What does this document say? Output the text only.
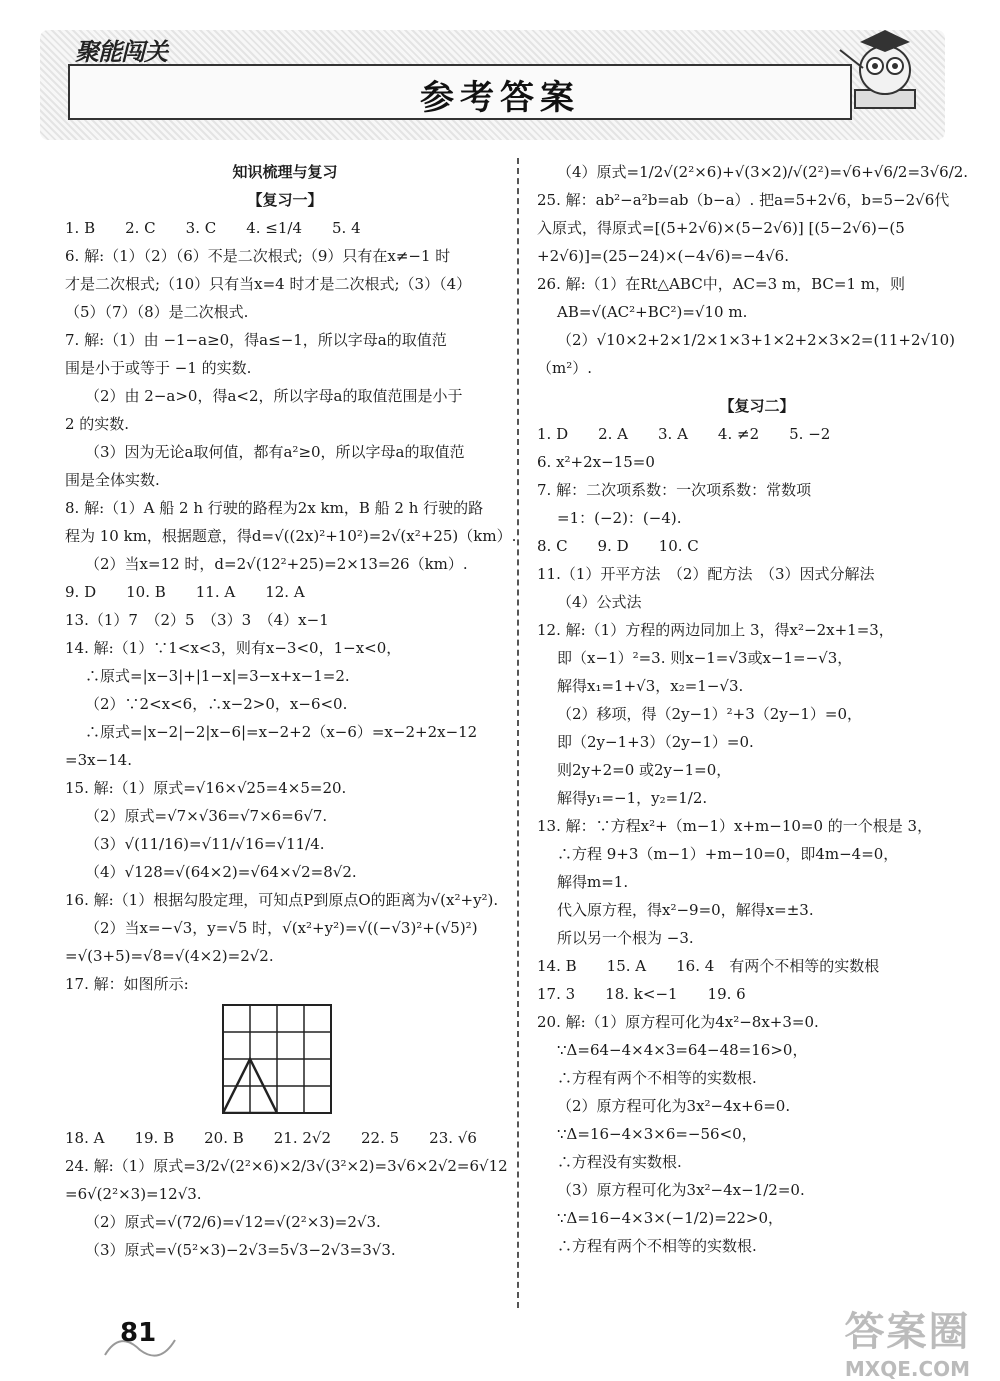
聚能闯关
参考答案
知识梳理与复习
【复习一】
1. B　　2. C　　3. C　　4. ≤1/4　　5. 4
6. 解:（1）（2）（6）不是二次根式;（9）只有在x≠−1 时
才是二次根式;（10）只有当x=4 时才是二次根式;（3）（4）
（5）（7）（8）是二次根式.
7. 解:（1）由 −1−a≥0，得a≤−1，所以字母a的取值范
围是小于或等于 −1 的实数.
（2）由 2−a>0，得a<2，所以字母a的取值范围是小于
2 的实数.
（3）因为无论a取何值，都有a²≥0，所以字母a的取值范
围是全体实数.
8. 解:（1）A 船 2 h 行驶的路程为2x km，B 船 2 h 行驶的路
程为 10 km，根据题意，得d=√((2x)²+10²)=2√(x²+25)（km）.
（2）当x=12 时，d=2√(12²+25)=2×13=26（km）.
9. D　　10. B　　11. A　　12. A
13.（1）7　（2）5　（3）3　（4）x−1
14. 解:（1）∵1<x<3，则有x−3<0，1−x<0，
∴原式=|x−3|+|1−x|=3−x+x−1=2.
（2）∵2<x<6，∴x−2>0，x−6<0.
∴原式=|x−2|−2|x−6|=x−2+2（x−6）=x−2+2x−12
=3x−14.
15. 解:（1）原式=√16×√25=4×5=20.
（2）原式=√7×√36=√7×6=6√7.
（3）√(11/16)=√11/√16=√11/4.
（4）√128=√(64×2)=√64×√2=8√2.
16. 解:（1）根据勾股定理，可知点P到原点O的距离为√(x²+y²).
（2）当x=−√3，y=√5 时，√(x²+y²)=√((−√3)²+(√5)²)
=√(3+5)=√8=√(4×2)=2√2.
17. 解：如图所示:
18. A　　19. B　　20. B　　21. 2√2　　22. 5　　23. √6
24. 解:（1）原式=3/2√(2²×6)×2/3√(3²×2)=3√6×2√2=6√12
=6√(2²×3)=12√3.
（2）原式=√(72/6)=√12=√(2²×3)=2√3.
（3）原式=√(5²×3)−2√3=5√3−2√3=3√3.
（4）原式=1/2√(2²×6)+√(3×2)/√(2²)=√6+√6/2=3√6/2.
25. 解：ab²−a²b=ab（b−a）. 把a=5+2√6，b=5−2√6代
入原式，得原式=[(5+2√6)×(5−2√6)] [(5−2√6)−(5
+2√6)]=(25−24)×(−4√6)=−4√6.
26. 解:（1）在Rt△ABC中，AC=3 m，BC=1 m，则
AB=√(AC²+BC²)=√10 m.
（2）√10×2+2×1/2×1×3+1×2+2×3×2=(11+2√10)
（m²）.
【复习二】
1. D　　2. A　　3. A　　4. ≠2　　5. −2
6. x²+2x−15=0
7. 解：二次项系数：一次项系数：常数项
=1：(−2)：(−4).
8. C　　9. D　　10. C
11.（1）开平方法　（2）配方法　（3）因式分解法
（4）公式法
12. 解:（1）方程的两边同加上 3，得x²−2x+1=3，
即（x−1）²=3. 则x−1=√3或x−1=−√3，
解得x₁=1+√3，x₂=1−√3.
（2）移项，得（2y−1）²+3（2y−1）=0，
即（2y−1+3）（2y−1）=0.
则2y+2=0 或2y−1=0，
解得y₁=−1，y₂=1/2.
13. 解：∵方程x²+（m−1）x+m−10=0 的一个根是 3，
∴方程 9+3（m−1）+m−10=0，即4m−4=0，
解得m=1.
代入原方程，得x²−9=0，解得x=±3.
所以另一个根为 −3.
14. B　　15. A　　16. 4　有两个不相等的实数根
17. 3　　18. k<−1　　19. 6
20. 解:（1）原方程可化为4x²−8x+3=0.
∵Δ=64−4×4×3=64−48=16>0，
∴方程有两个不相等的实数根.
（2）原方程可化为3x²−4x+6=0.
∵Δ=16−4×3×6=−56<0，
∴方程没有实数根.
（3）原方程可化为3x²−4x−1/2=0.
∵Δ=16−4×3×(−1/2)=22>0，
∴方程有两个不相等的实数根.
81	答案圈
MXQE.COM
